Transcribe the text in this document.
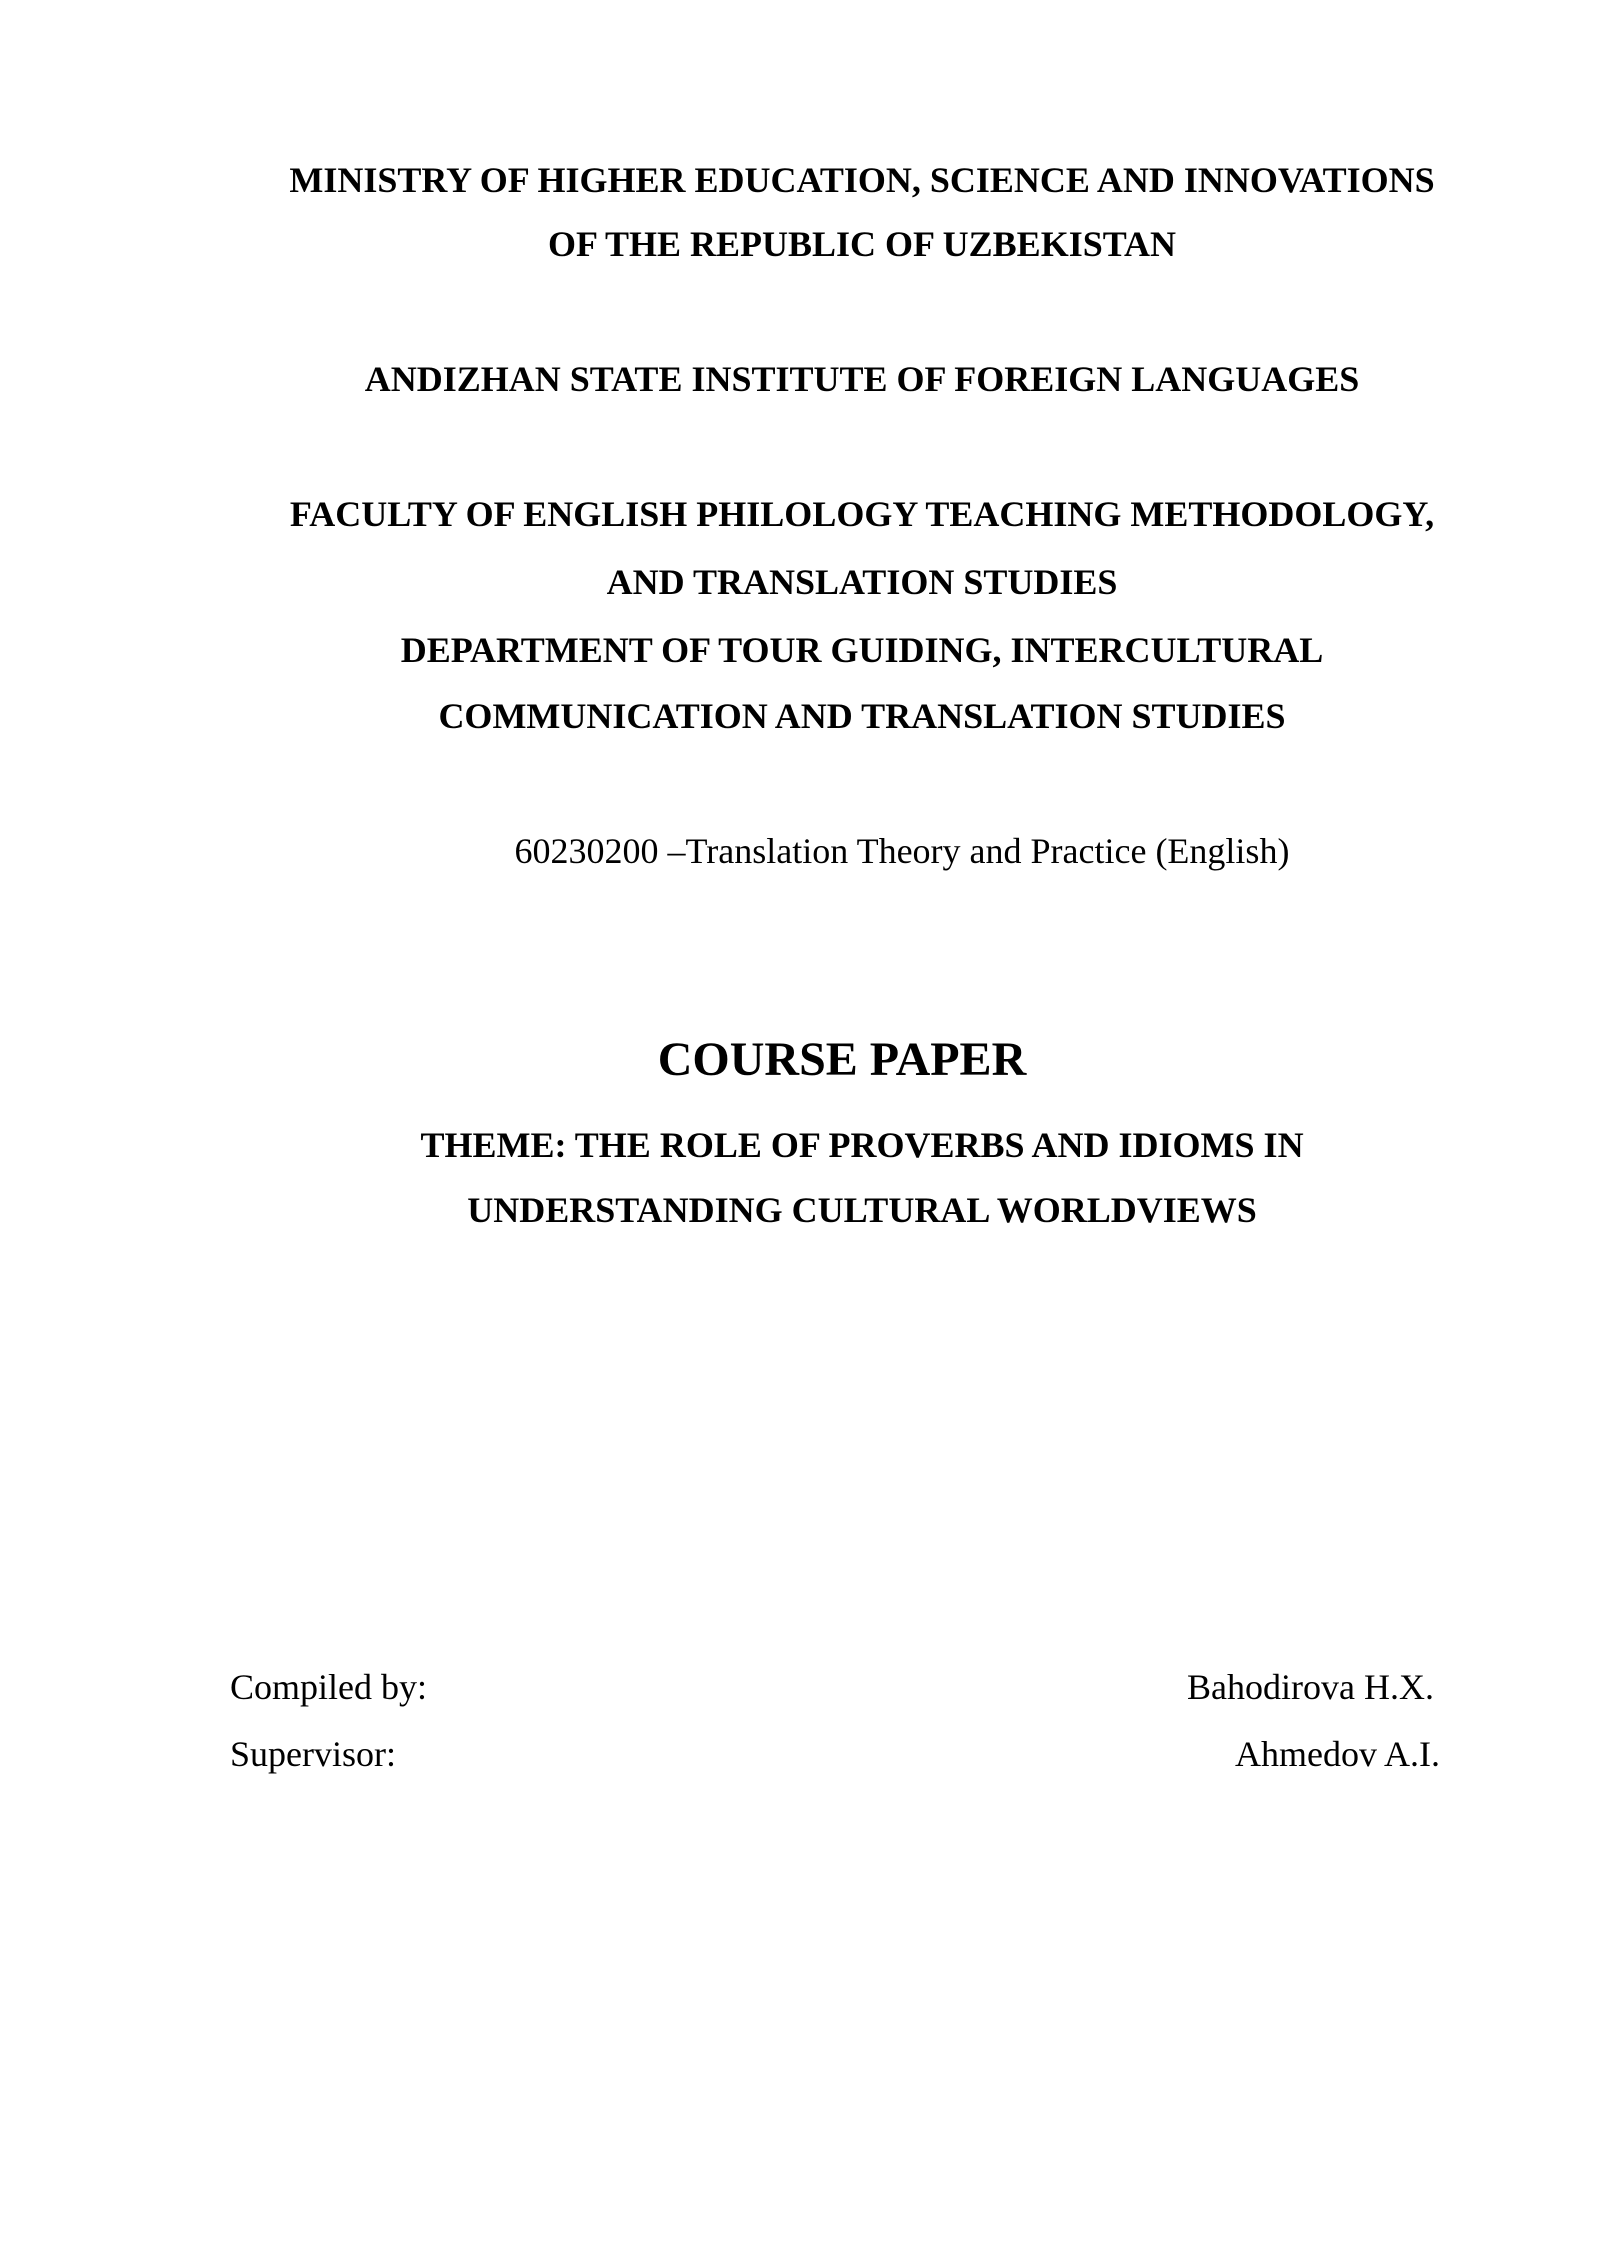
MINISTRY OF HIGHER EDUCATION, SCIENCE AND INNOVATIONS
OF THE REPUBLIC OF UZBEKISTAN
ANDIZHAN STATE INSTITUTE OF FOREIGN LANGUAGES
FACULTY OF ENGLISH PHILOLOGY TEACHING METHODOLOGY,
AND TRANSLATION STUDIES
DEPARTMENT OF TOUR GUIDING, INTERCULTURAL
COMMUNICATION AND TRANSLATION STUDIES
60230200 –Translation Theory and Practice (English)
COURSE PAPER
THEME: THE ROLE OF PROVERBS AND IDIOMS IN
UNDERSTANDING CULTURAL WORLDVIEWS
Compiled by:	Bahodirova H.X.
Supervisor:	Ahmedov A.I.
